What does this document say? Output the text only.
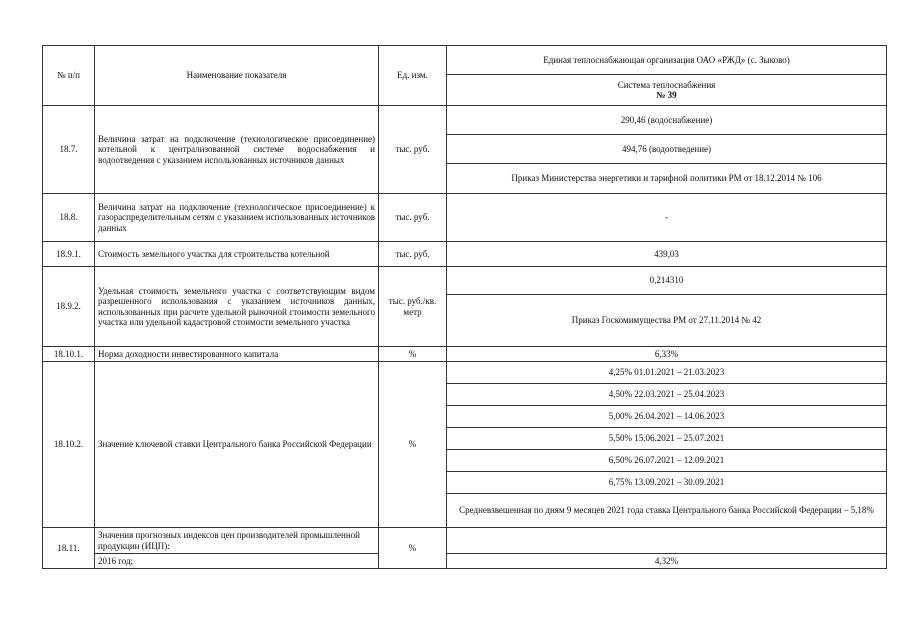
№ п/п	Наименование показателя	Ед. изм.	Единая теплоснабжающая организация ОАО «РЖД» (с. Зыково)

			Система теплоснабжения
№ 39

18.7.	Величина затрат на подключение (технологическое присоединение) котельной к централизованной системе водоснабжения и водоотведения с указанием использованных источников данных	тыс. руб.	290,46 (водоснабжение)
			494,76 (водоотведение)
			Приказ Министерства энергетики и тарифной политики РМ от 18.12.2014 № 106
18.8.	Величина затрат на подключение (технологическое присоединение) к газораспределительным сетям с указанием использованных источников данных	тыс. руб.	-
18.9.1.	Стоимость земельного участка для строительства котельной	тыс. руб.	439,03
18.9.2.	Удельная стоимость земельного участка с соответствующим видом разрешенного использования с указанием источников данных, использованных при расчете удельной рыночной стоимости земельного участка или удельной кадастровой стоимости земельного участка	тыс. руб./кв. метр	0,214310
			Приказ Госкомимущества РМ от 27.11.2014 № 42
18.10.1.	Норма доходности инвестированного капитала	%	6,33%
18.10.2.	Значение ключевой ставки Центрального банка Российской Федерации	%	4,25% 01.01.2021 – 21.03.2023
			4,50% 22.03.2021 – 25.04.2023
			5,00% 26.04.2021 – 14.06.2023
			5,50% 15.06.2021 – 25.07.2021
			6,50% 26.07.2021 – 12.09.2021
			6,75% 13.09.2021 – 30.09.2021
			Средневзвешенная по дням 9 месяцев 2021 года ставка Центрального банка Российской Федерации – 5,18%
18.11.	Значения прогнозных индексов цен производителей промышленной продукции (ИЦП):	%	
	2016 год;		4,32%
